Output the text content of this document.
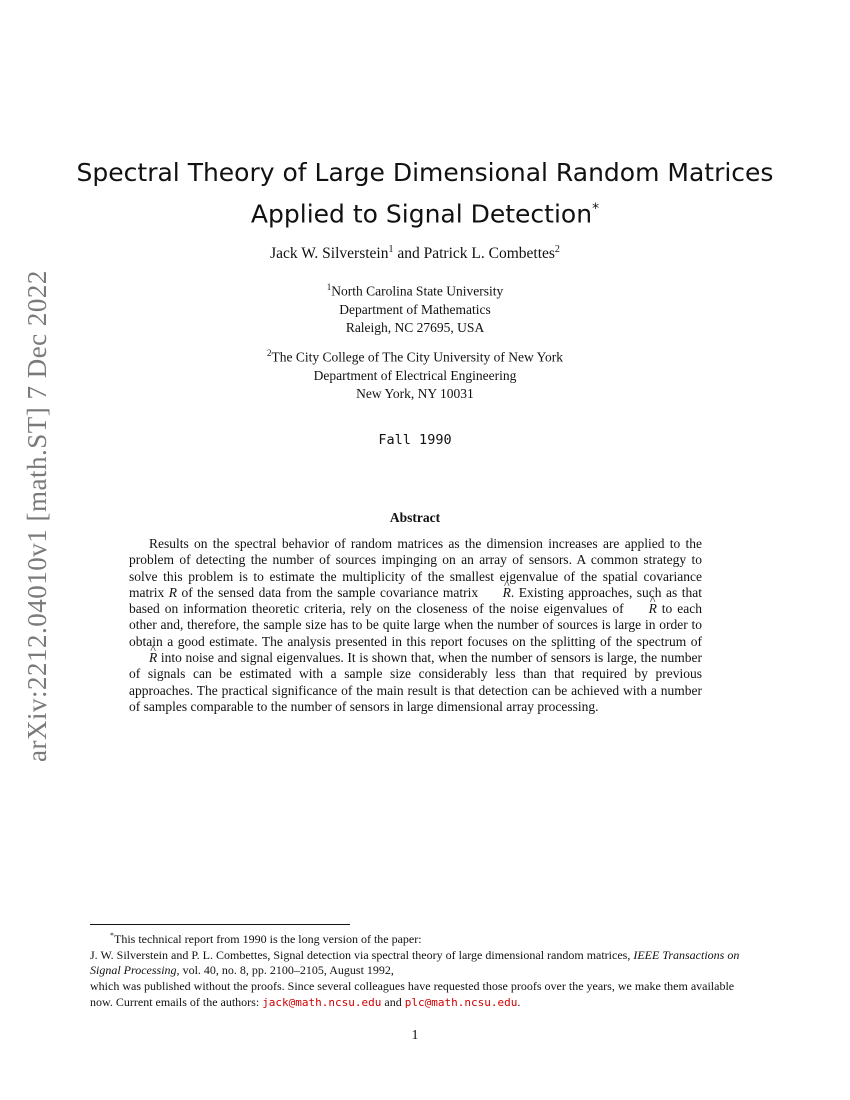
arXiv:2212.04010v1 [math.ST] 7 Dec 2022
Spectral Theory of Large Dimensional Random Matrices
Applied to Signal Detection*
Jack W. Silverstein$^1$ and Patrick L. Combettes$^2$
$^1$North Carolina State University
Department of Mathematics
Raleigh, NC 27695, USA
$^2$The City College of The City University of New York
Department of Electrical Engineering
New York, NY 10031
Fall 1990
Abstract
Results on the spectral behavior of random matrices as the dimension increases are applied to the problem of detecting the number of sources impinging on an array of sensors. A common strategy to solve this problem is to estimate the multiplicity of the smallest eigenvalue of the spatial covariance matrix R of the sensed data from the sample covariance matrix ^ R. Existing approaches, such as that based on information theoretic criteria, rely on the closeness of the noise eigenvalues of ^ R to each other and, therefore, the sample size has to be quite large when the number of sources is large in order to obtain a good estimate. The analysis presented in this report focuses on the splitting of the spectrum of ^ R into noise and signal eigenvalues. It is shown that, when the number of sensors is large, the number of signals can be estimated with a sample size considerably less than that required by previous approaches. The practical significance of the main result is that detection can be achieved with a number of samples comparable to the number of sensors in large dimensional array processing.
*This technical report from 1990 is the long version of the paper:
J. W. Silverstein and P. L. Combettes, Signal detection via spectral theory of large dimensional random matrices, IEEE Transactions on Signal Processing, vol. 40, no. 8, pp. 2100–2105, August 1992,
which was published without the proofs. Since several colleagues have requested those proofs over the years, we make them available now. Current emails of the authors: jack@math.ncsu.edu and plc@math.ncsu.edu.
1
